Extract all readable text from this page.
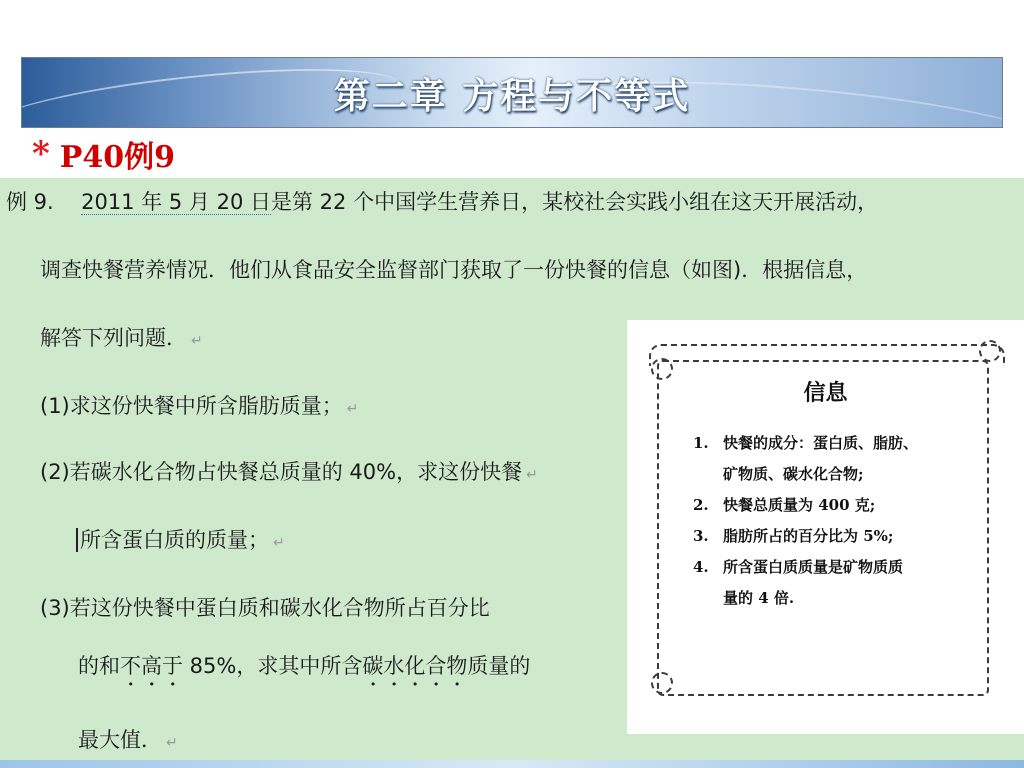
第二章 方程与不等式
* P40例9
例 9. 2011 年 5 月 20 日是第 22 个中国学生营养日，某校社会实践小组在这天开展活动，
调查快餐营养情况．他们从食品安全监督部门获取了一份快餐的信息（如图)．根据信息，
解答下列问题． ↵
(1)求这份快餐中所含脂肪质量； ↵
(2)若碳水化合物占快餐总质量的 40%，求这份快餐 ↵
所含蛋白质的质量； ↵
(3)若这份快餐中蛋白质和碳水化合物所占百分比
的和不高于 85%，求其中所含碳水化合物质量的
最大值． ↵
信息
1. 快餐的成分：蛋白质、脂肪、
矿物质、碳水化合物;
2. 快餐总质量为 400 克;
3. 脂肪所占的百分比为 5%;
4. 所含蛋白质质量是矿物质质
量的 4 倍.
